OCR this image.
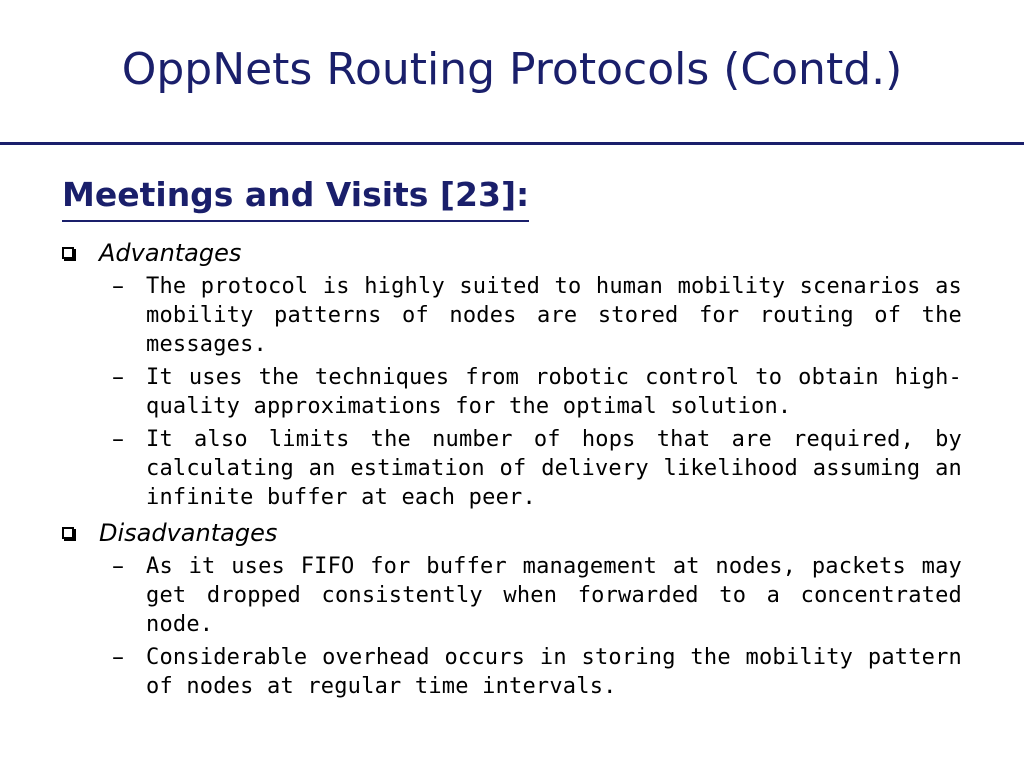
OppNets Routing Protocols (Contd.)
Meetings and Visits [23]:
Advantages
– The protocol is highly suited to human mobility scenarios as mobility patterns of nodes are stored for routing of the messages.
– It uses the techniques from robotic control to obtain high-quality approximations for the optimal solution.
– It also limits the number of hops that are required, by calculating an estimation of delivery likelihood assuming an infinite buffer at each peer.
Disadvantages
– As it uses FIFO for buffer management at nodes, packets may get dropped consistently when forwarded to a concentrated node.
– Considerable overhead occurs in storing the mobility pattern of nodes at regular time intervals.
